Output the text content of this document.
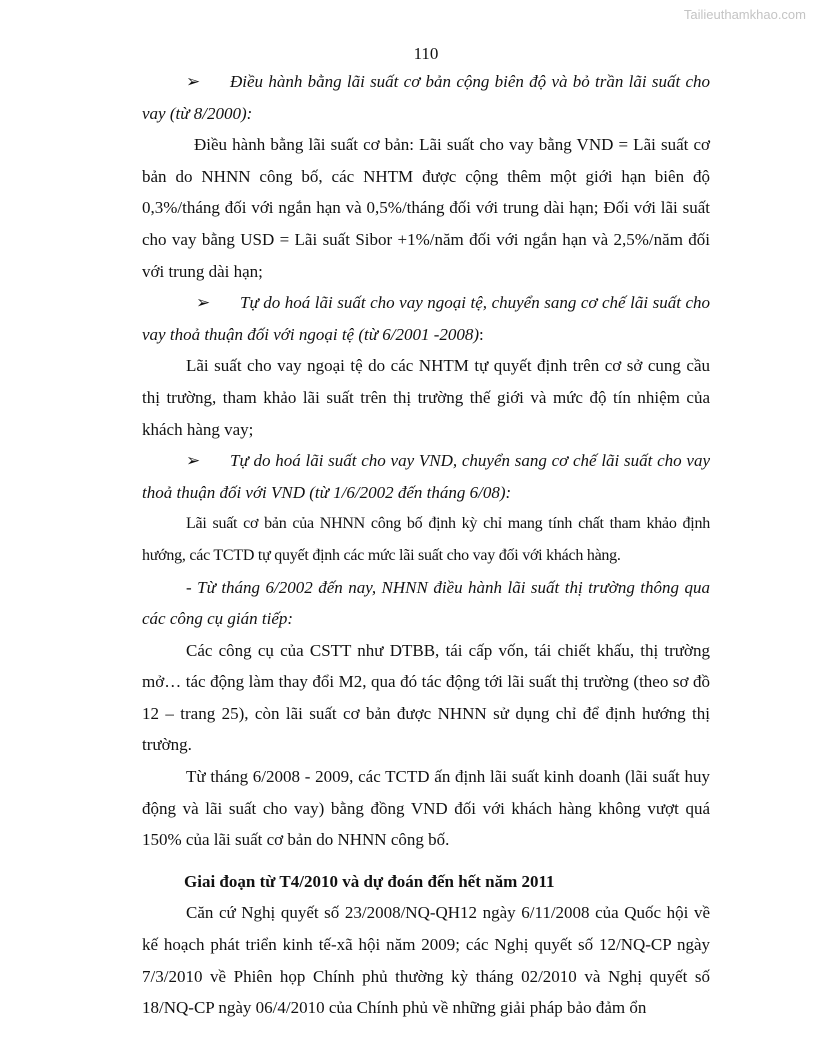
Tailieuthamkhao.com
110

➢ Điều hành bằng lãi suất cơ bản cộng biên độ và bỏ trần lãi suất cho vay (từ 8/2000):

Điều hành bằng lãi suất cơ bản: Lãi suất cho vay bằng VND = Lãi suất cơ bản do NHNN công bố, các NHTM được cộng thêm một giới hạn biên độ 0,3%/tháng đối với ngắn hạn và 0,5%/tháng đối với trung dài hạn; Đối với lãi suất cho vay bằng USD = Lãi suất Sibor +1%/năm đối với ngắn hạn và 2,5%/năm đối với trung dài hạn;

➢ Tự do hoá lãi suất cho vay ngoại tệ, chuyển sang cơ chế lãi suất cho vay thoả thuận đối với ngoại tệ (từ 6/2001 -2008):

Lãi suất cho vay ngoại tệ do các NHTM tự quyết định trên cơ sở cung cầu thị trường, tham khảo lãi suất trên thị trường thế giới và mức độ tín nhiệm của khách hàng vay;

➢ Tự do hoá lãi suất cho vay VND, chuyển sang cơ chế lãi suất cho vay thoả thuận đối với VND (từ 1/6/2002 đến tháng 6/08):

Lãi suất cơ bản của NHNN công bố định kỳ chỉ mang tính chất tham khảo định hướng, các TCTD tự quyết định các mức lãi suất cho vay đối với khách hàng.

- Từ tháng 6/2002 đến nay, NHNN điều hành lãi suất thị trường thông qua các công cụ gián tiếp:

Các công cụ của CSTT như DTBB, tái cấp vốn, tái chiết khấu, thị trường mở… tác động làm thay đổi M2, qua đó tác động tới lãi suất thị trường (theo sơ đồ 12 – trang 25), còn lãi suất cơ bản được NHNN sử dụng chỉ để định hướng thị trường.

Từ tháng 6/2008 - 2009, các TCTD ấn định lãi suất kinh doanh (lãi suất huy động và lãi suất cho vay) bằng đồng VND đối với khách hàng không vượt quá 150% của lãi suất cơ bản do NHNN công bố.

Giai đoạn từ T4/2010 và dự đoán đến hết năm 2011

Căn cứ Nghị quyết số 23/2008/NQ-QH12 ngày 6/11/2008 của Quốc hội về kế hoạch phát triển kinh tế-xã hội năm 2009; các Nghị quyết số 12/NQ-CP ngày 7/3/2010 về Phiên họp Chính phủ thường kỳ tháng 02/2010 và Nghị quyết số 18/NQ-CP ngày 06/4/2010 của Chính phủ về những giải pháp bảo đảm ổn
